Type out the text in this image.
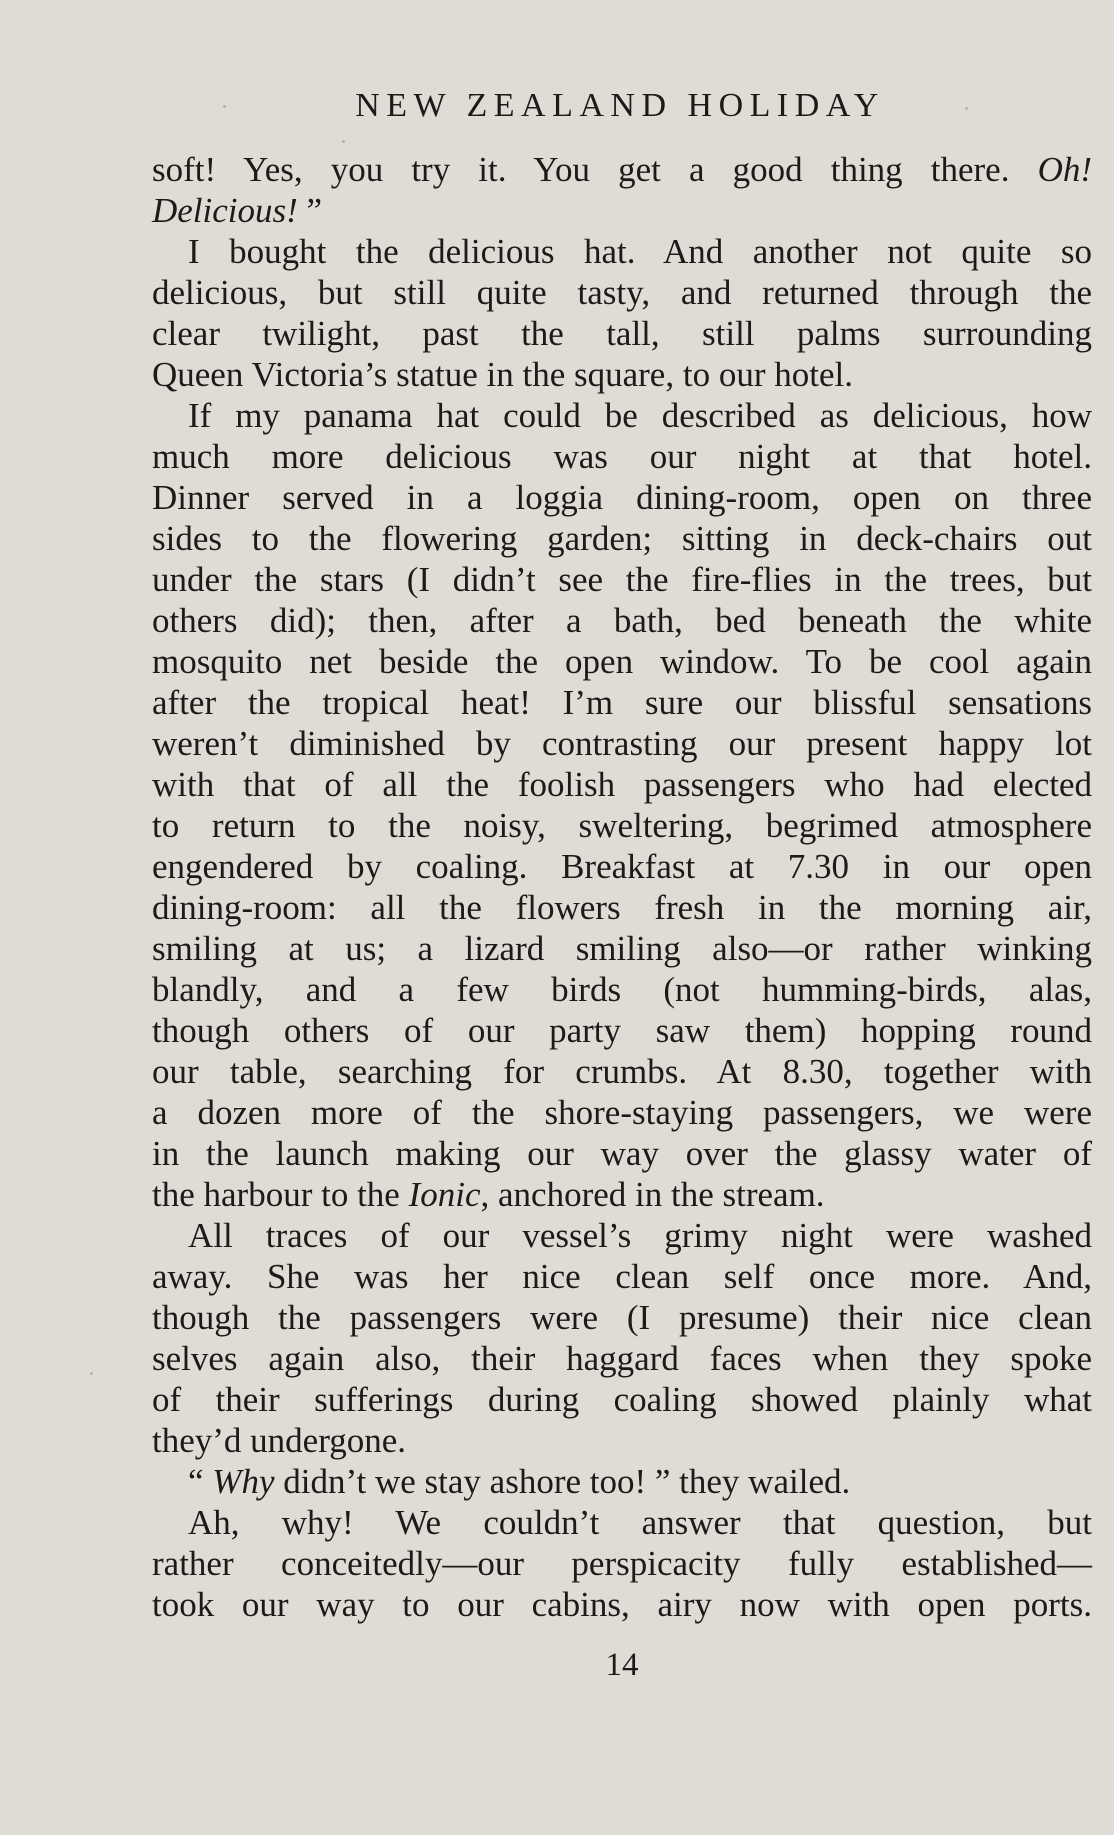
NEW ZEALAND HOLIDAY
soft! Yes, you try it. You get a good thing there. Oh!
Delicious! ”
I bought the delicious hat. And another not quite so
delicious, but still quite tasty, and returned through the
clear twilight, past the tall, still palms surrounding
Queen Victoria’s statue in the square, to our hotel.
If my panama hat could be described as delicious, how
much more delicious was our night at that hotel.
Dinner served in a loggia dining-room, open on three
sides to the flowering garden; sitting in deck-chairs out
under the stars (I didn’t see the fire-flies in the trees, but
others did); then, after a bath, bed beneath the white
mosquito net beside the open window. To be cool again
after the tropical heat! I’m sure our blissful sensations
weren’t diminished by contrasting our present happy lot
with that of all the foolish passengers who had elected
to return to the noisy, sweltering, begrimed atmosphere
engendered by coaling. Breakfast at 7.30 in our open
dining-room: all the flowers fresh in the morning air,
smiling at us; a lizard smiling also—or rather winking
blandly, and a few birds (not humming-birds, alas,
though others of our party saw them) hopping round
our table, searching for crumbs. At 8.30, together with
a dozen more of the shore-staying passengers, we were
in the launch making our way over the glassy water of
the harbour to the Ionic, anchored in the stream.
All traces of our vessel’s grimy night were washed
away. She was her nice clean self once more. And,
though the passengers were (I presume) their nice clean
selves again also, their haggard faces when they spoke
of their sufferings during coaling showed plainly what
they’d undergone.
“ Why didn’t we stay ashore too! ” they wailed.
Ah, why! We couldn’t answer that question, but
rather conceitedly—our perspicacity fully established—
took our way to our cabins, airy now with open ports.
14
